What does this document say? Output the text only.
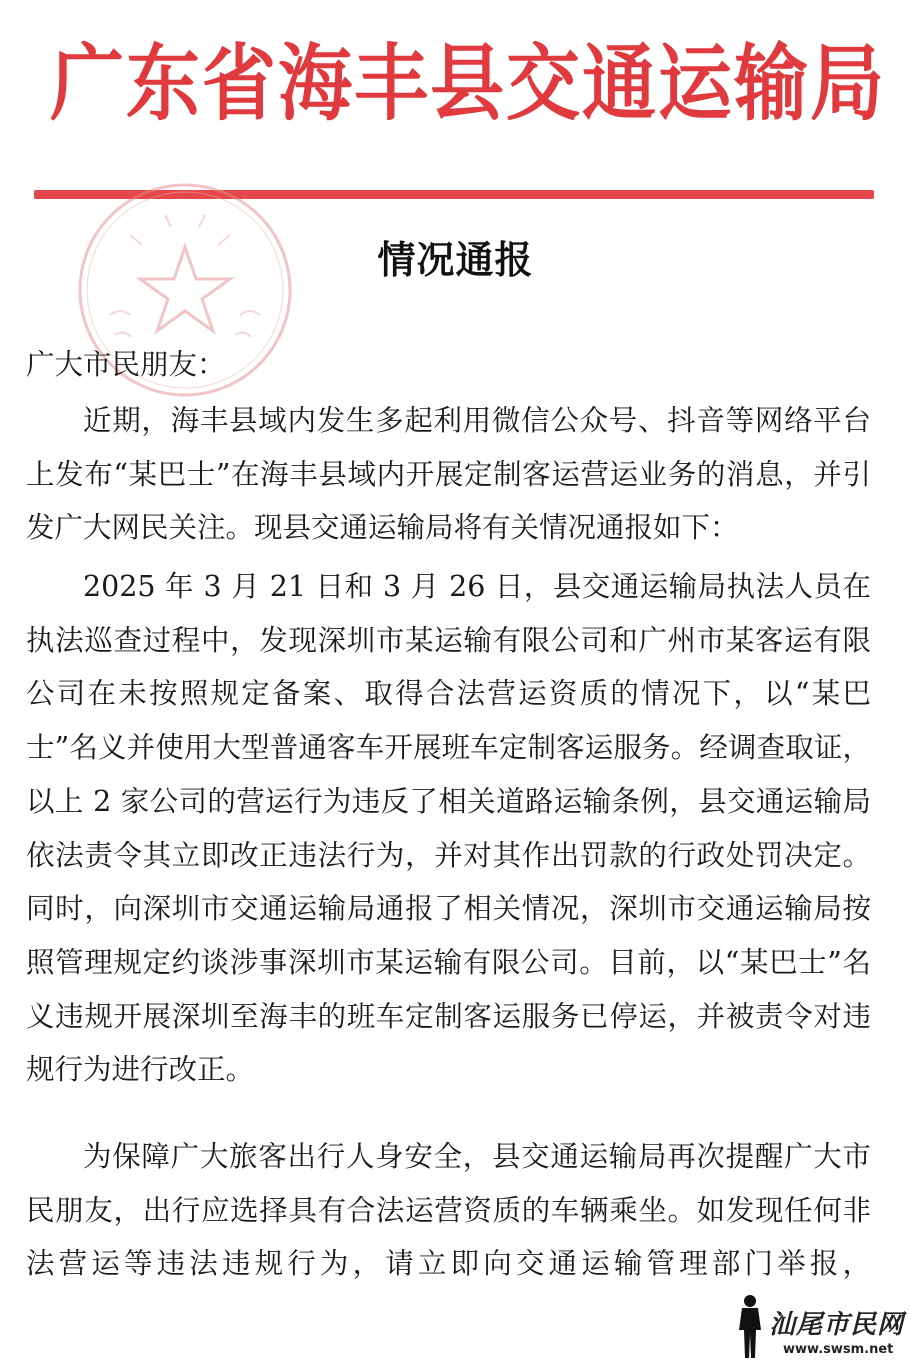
广东省海丰县交通运输局
情况通报
广大市民朋友：
近期，海丰县域内发生多起利用微信公众号、抖音等网络平台上发布“某巴士”在海丰县域内开展定制客运营运业务的消息，并引发广大网民关注。现县交通运输局将有关情况通报如下：
2025 年 3 月 21 日和 3 月 26 日，县交通运输局执法人员在执法巡查过程中，发现深圳市某运输有限公司和广州市某客运有限公司在未按照规定备案、取得合法营运资质的情况下，以“某巴士”名义并使用大型普通客车开展班车定制客运服务。经调查取证，以上 2 家公司的营运行为违反了相关道路运输条例，县交通运输局依法责令其立即改正违法行为，并对其作出罚款的行政处罚决定。同时，向深圳市交通运输局通报了相关情况，深圳市交通运输局按照管理规定约谈涉事深圳市某运输有限公司。目前，以“某巴士”名义违规开展深圳至海丰的班车定制客运服务已停运，并被责令对违规行为进行改正。
为保障广大旅客出行人身安全，县交通运输局再次提醒广大市民朋友，出行应选择具有合法运营资质的车辆乘坐。如发现任何非法营运等违法违规行为，请立即向交通运输管理部门举报，
汕尾市民网
www.swsm.net
